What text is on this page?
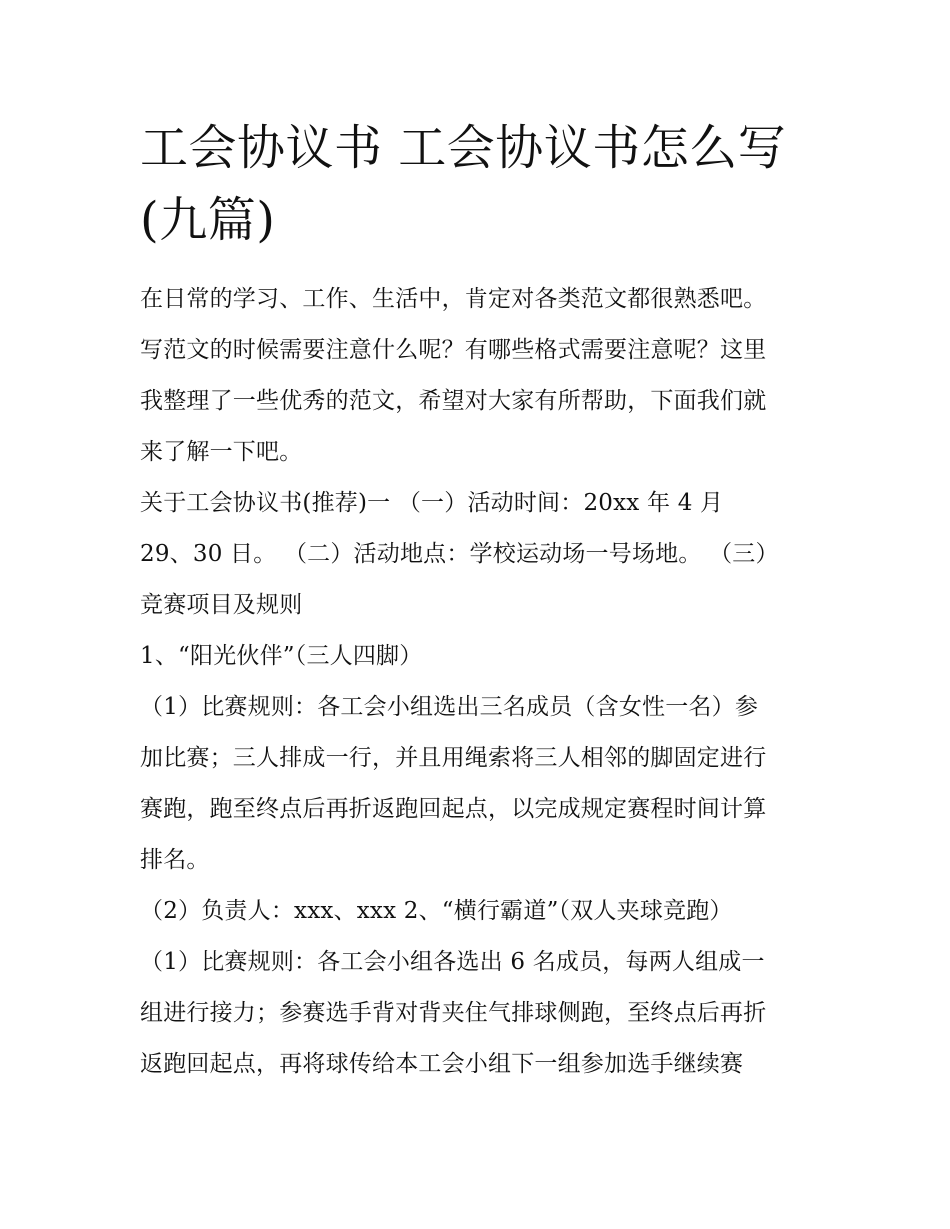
工会协议书 工会协议书怎么写
(九篇)

在日常的学习、工作、生活中，肯定对各类范文都很熟悉吧。
写范文的时候需要注意什么呢？有哪些格式需要注意呢？这里
我整理了一些优秀的范文，希望对大家有所帮助，下面我们就
来了解一下吧。

关于工会协议书(推荐)一 （一）活动时间：20xx 年 4 月
29、30 日。 （二）活动地点：学校运动场一号场地。 （三）
竞赛项目及规则

1、“阳光伙伴”（三人四脚）

（1）比赛规则：各工会小组选出三名成员（含女性一名）参
加比赛；三人排成一行，并且用绳索将三人相邻的脚固定进行
赛跑，跑至终点后再折返跑回起点，以完成规定赛程时间计算
排名。

（2）负责人：xxx、xxx 2、“横行霸道”（双人夹球竞跑）

（1）比赛规则：各工会小组各选出 6 名成员，每两人组成一
组进行接力；参赛选手背对背夹住气排球侧跑，至终点后再折
返跑回起点，再将球传给本工会小组下一组参加选手继续赛
